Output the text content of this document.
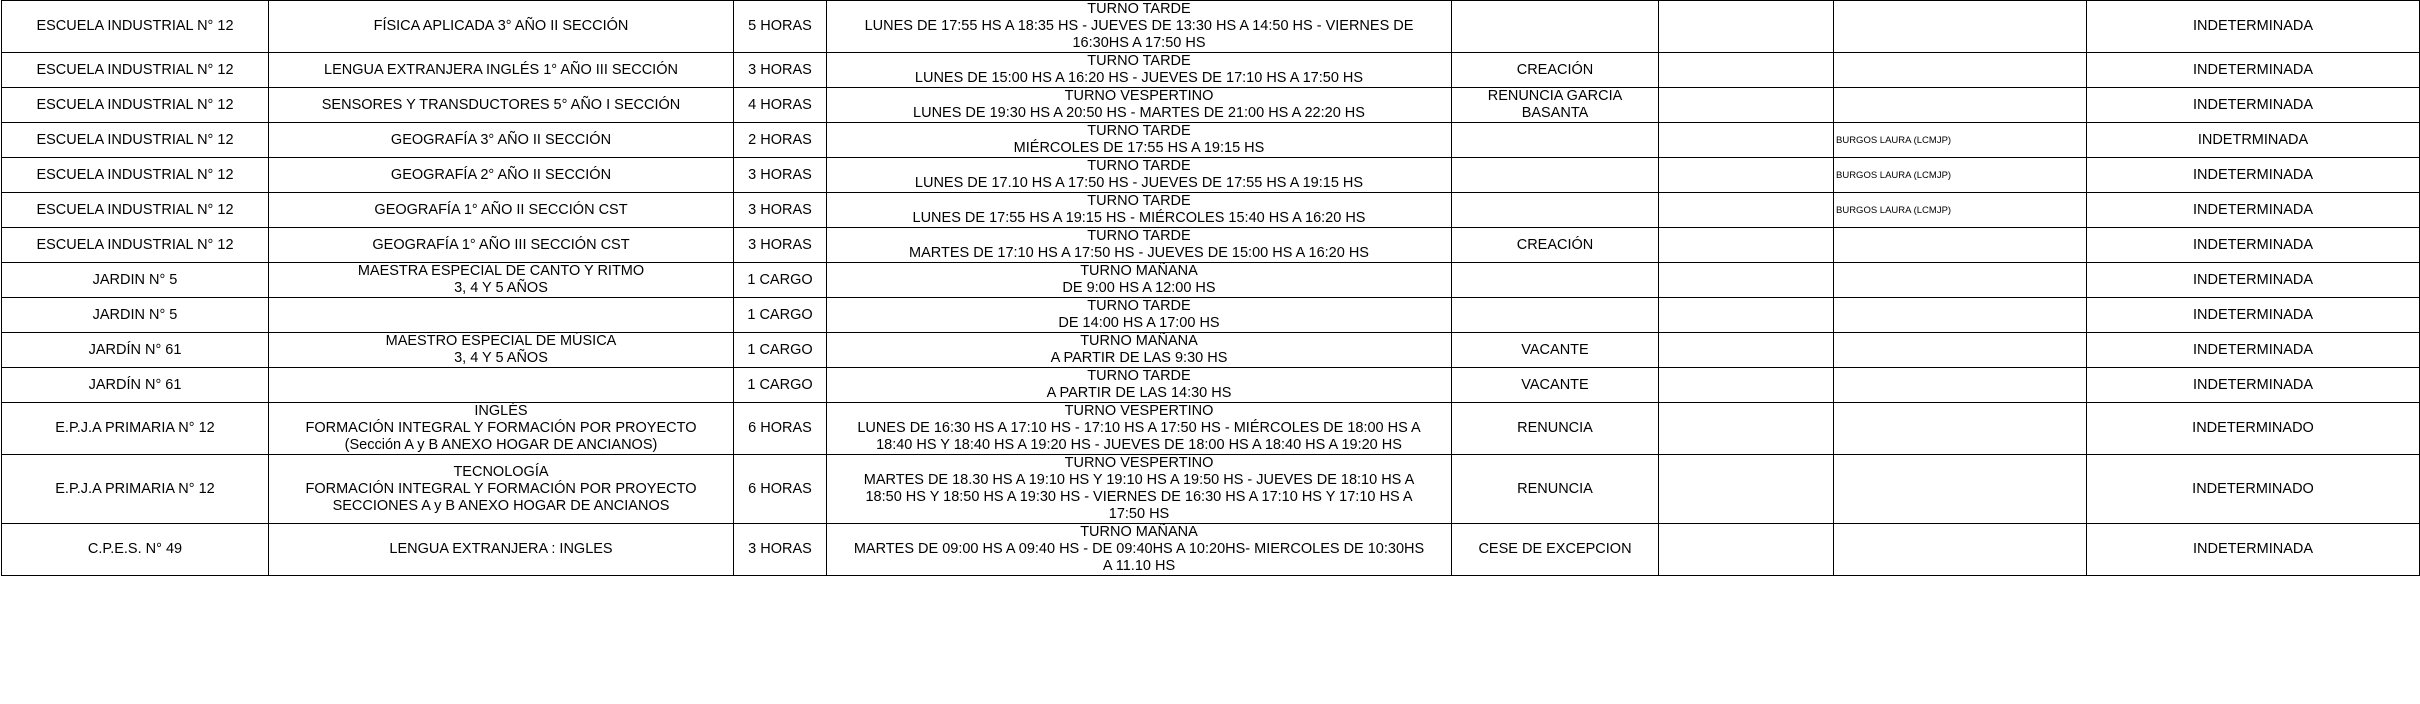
ESCUELA INDUSTRIAL N° 12	FÍSICA APLICADA 3° AÑO II SECCIÓN	5 HORAS	TURNO TARDE
LUNES DE 17:55 HS A 18:35 HS - JUEVES DE 13:30 HS A 14:50 HS - VIERNES DE
16:30HS A 17:50 HS				INDETERMINADA
ESCUELA INDUSTRIAL N° 12	LENGUA EXTRANJERA INGLÉS 1° AÑO III SECCIÓN	3 HORAS	TURNO TARDE
LUNES DE 15:00 HS A 16:20 HS - JUEVES DE 17:10 HS A 17:50 HS	CREACIÓN			INDETERMINADA
ESCUELA INDUSTRIAL N° 12	SENSORES Y TRANSDUCTORES 5° AÑO I SECCIÓN	4 HORAS	TURNO VESPERTINO
LUNES DE 19:30 HS A 20:50 HS - MARTES DE 21:00 HS A 22:20 HS	RENUNCIA GARCIA
BASANTA			INDETERMINADA
ESCUELA INDUSTRIAL N° 12	GEOGRAFÍA 3° AÑO II SECCIÓN	2 HORAS	TURNO TARDE
MIÉRCOLES DE 17:55 HS A 19:15 HS			BURGOS LAURA (LCMJP)	INDETRMINADA
ESCUELA INDUSTRIAL N° 12	GEOGRAFÍA 2° AÑO II SECCIÓN	3 HORAS	TURNO TARDE
LUNES DE 17.10 HS A 17:50 HS - JUEVES DE 17:55 HS A 19:15 HS			BURGOS LAURA (LCMJP)	INDETERMINADA
ESCUELA INDUSTRIAL N° 12	GEOGRAFÍA 1° AÑO II SECCIÓN CST	3 HORAS	TURNO TARDE
LUNES DE 17:55 HS A 19:15 HS - MIÉRCOLES 15:40 HS A 16:20 HS			BURGOS LAURA (LCMJP)	INDETERMINADA
ESCUELA INDUSTRIAL N° 12	GEOGRAFÍA 1° AÑO III SECCIÓN CST	3 HORAS	TURNO TARDE
MARTES DE 17:10 HS A 17:50 HS - JUEVES DE 15:00 HS A 16:20 HS	CREACIÓN			INDETERMINADA
JARDIN N° 5	MAESTRA ESPECIAL DE CANTO Y RITMO
3, 4 Y 5 AÑOS	1 CARGO	TURNO MAÑANA
DE 9:00 HS A 12:00 HS				INDETERMINADA
JARDIN N° 5		1 CARGO	TURNO TARDE
DE 14:00 HS A 17:00 HS				INDETERMINADA
JARDÍN N° 61	MAESTRO ESPECIAL DE MÚSICA
3, 4 Y 5 AÑOS	1 CARGO	TURNO MAÑANA
A PARTIR DE LAS 9:30 HS	VACANTE			INDETERMINADA
JARDÍN N° 61		1 CARGO	TURNO TARDE
A PARTIR DE LAS 14:30 HS	VACANTE			INDETERMINADA
E.P.J.A PRIMARIA N° 12	INGLÉS
FORMACIÓN INTEGRAL Y FORMACIÓN POR PROYECTO
(Sección A y B ANEXO HOGAR DE ANCIANOS)	6 HORAS	TURNO VESPERTINO
LUNES DE 16:30 HS A 17:10 HS - 17:10 HS A 17:50 HS - MIÉRCOLES DE 18:00 HS A
18:40 HS Y 18:40 HS A 19:20 HS - JUEVES DE 18:00 HS A 18:40 HS A 19:20 HS	RENUNCIA			INDETERMINADO
E.P.J.A PRIMARIA N° 12	TECNOLOGÍA
FORMACIÓN INTEGRAL Y FORMACIÓN POR PROYECTO
SECCIONES A y B ANEXO HOGAR DE ANCIANOS	6 HORAS	TURNO VESPERTINO
MARTES DE 18.30 HS A 19:10 HS Y 19:10 HS A 19:50 HS - JUEVES DE 18:10 HS A
18:50 HS Y 18:50 HS A 19:30 HS - VIERNES DE 16:30 HS A 17:10 HS Y 17:10 HS A
17:50 HS	RENUNCIA			INDETERMINADO
C.P.E.S. N° 49	LENGUA EXTRANJERA : INGLES	3 HORAS	TURNO MAÑANA
MARTES DE 09:00 HS A 09:40 HS - DE 09:40HS A 10:20HS- MIERCOLES DE 10:30HS
A 11.10 HS	CESE DE EXCEPCION			INDETERMINADA
